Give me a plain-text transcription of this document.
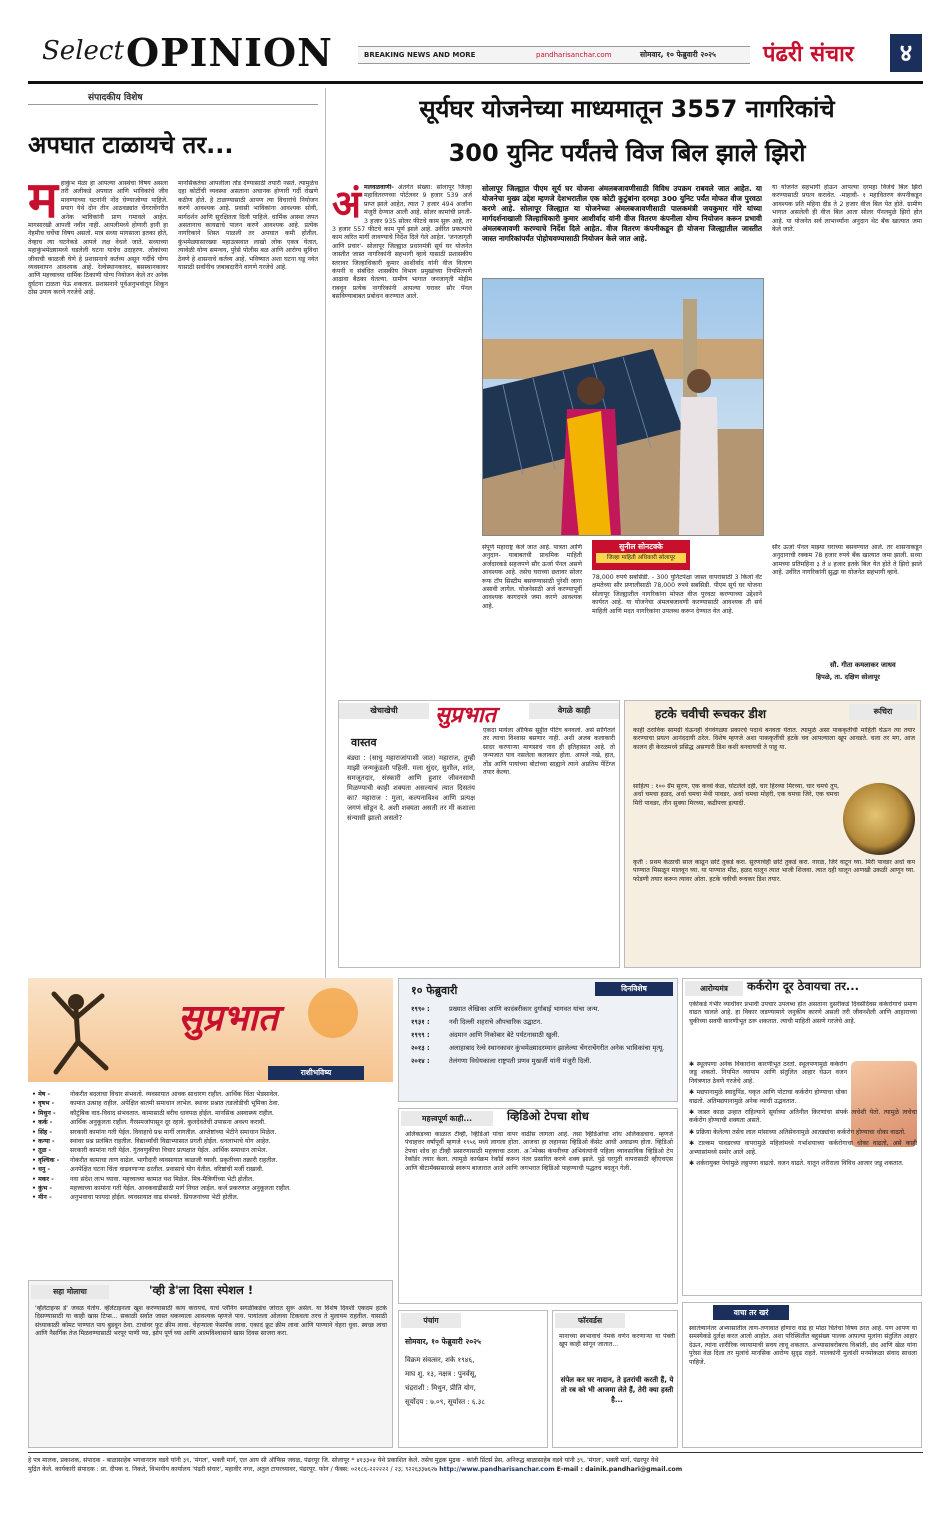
Select OPINION	BREAKING NEWS AND MORE	pandharisanchar.com	सोमवार, १० फेब्रुवारी २०२५ पंढरी संचार	४
संपादकीय विशेष
अपघात टाळायचे तर...
म हाकुंभ मेळा हा आपल्या आस्थेचा विषय असला तरी अलीकडे अपघात आणि भाविकांचे जीव मावण्याच्या घटनांनी नोंद घेण्याजोग्या पाहिजे. प्रयाग येथे दोन तीन आठवड्यांत चेंगराचेंगरीत अनेक भाविकांनी प्राण गमावले आहेत. मागसारखी आपली नवीन नाही. आपलीमध्ये होणारी हानी हा नेहमीच चर्चेचा विषय असतो. मात्र सध्या मागसाला इतका होते, तेव्हाच त्या घटनेकडे आपले लक्ष वेधले जाते. सध्याच्या महाकुंभमेळ्यामध्ये घडलेली घटना याचेच उदाहरण. लोकांच्या जीवाची काळजी घेणे हे प्रशासनाचे कर्तव्य असून गर्दीचे योग्य व्यवस्थापन आवश्यक आहे. रेल्वेस्थानकावर, बसस्थानकावर आणि महत्त्वाच्या धार्मिक ठिकाणी योग्य नियोजन केले तर अनेक दुर्घटना टाळता येऊ शकतात. प्रशासनाने पूर्वअनुभवांतून शिकून ठोस उपाय करणे गरजेचे आहे.
मानसिकतेचा आपलीला तोंड देण्यासाठी तयारी नसते. त्यामुळेच दहा कोटींची व्यवस्था असताना अचानक होणारी गर्दी रोखणे कठीण होते. हे टाळण्यासाठी आपण त्या विचारांचे नियोजन करणे आवश्यक आहे. प्रवासी भाविकांना आवश्यक सोयी, मार्गदर्शन आणि सुरक्षितता दिली पाहिजे. धार्मिक आस्था जपत असतानाच कायद्याचे पालन करणे आवश्यक आहे. प्रत्येक नागरिकाने शिस्त पाळली तर अपघात कमी होतील. कुंभमेळ्यासारख्या महाउत्सवात लाखो लोक एकत्र येतात, त्यावेळी योग्य समन्वय, पुरेसे पोलीस बळ आणि आरोग्य सुविधा ठेवणे हे शासनाचे कर्तव्य आहे. भविष्यात अशा घटना घडू नयेत यासाठी सर्वांनीच जबाबदारीने वागणे गरजेचे आहे.
सूर्यघर योजनेच्या माध्यमातून 3557 नागरिकांचे
300 युनिट पर्यंतचे विज बिल झाले झिरो
अं मलवळवाणी- अंतर्गत संख्या: सोलापूर जिल्हा महावितरणच्या पोर्टलवर 9 हजार 539 अर्ज प्राप्त झाले आहेत, त्यात 7 हजार 494 अर्जांना मंजुरी देण्यात आली आहे. सोलर कामांची प्रगती- 3 हजार 935 सोलर फीटचे काम सुरू आहे, तर 3 हजार 557 फीटचे काम पूर्ण झाले आहे. उर्वरित प्रकल्पांचे काम त्वरित मार्गी लावण्याचे निर्देश दिले गेले आहेत. 'जनजागृती आणि प्रचार'- सोलापूर जिल्ह्यात प्रधानमंत्री सूर्य घर योजनेत जास्तीत जास्त नागरिकांनी सहभागी व्हावे यासाठी प्रशासकीय स्तरावर जिल्हाधिकारी कुमार आशीर्वाद यांनी वीज वितरण कंपनी व संबंधित शासकीय विभाग प्रमुखांच्या नियमितपणे आढावा बैठका घेतल्या. ग्रामीण भागात जनजागृती मोहीम राबवून प्रत्येक नागरिकांनी आपल्या घरावर सौर पॅनल बसविण्याबाबत प्रबोधन करण्यात आले.
सोलापूर जिल्ह्यात पीएम सूर्य घर योजना अंमलबजावणीसाठी विविध उपक्रम राबवले जात आहेत. या योजनेचा मुख्य उद्देश म्हणजे देशभरातील एक कोटी कुटुंबांना दरमहा 300 युनिट पर्यंत मोफत वीज पुरवठा करणे आहे. सोलापूर जिल्ह्यात या योजनेच्या अंमलबजावणीसाठी पालकमंत्री जयकुमार गोरे यांच्या मार्गदर्शनाखाली जिल्हाधिकारी कुमार आशीर्वाद यांनी वीज वितरण कंपनीला योग्य नियोजन करून प्रभावी अंमलबजावणी करण्याचे निर्देश दिले आहेत. वीज वितरण कंपनीकडून ही योजना जिल्ह्यातील जास्तीत जास्त नागरिकांपर्यंत पोहोचवण्यासाठी नियोजन केले जात आहे.
या योजनेत सहभागी होऊन आपल्या दरमहा विजेचे बिल झिरो करण्यासाठी प्रयत्न करावेत. -माहावी- १ महावितरण कंपनीकडून आवश्यक प्रति महिना दीड ते 2 हजार वीज बिल येत होते. ग्रामीण भागात असलेली ही वीज बिल आता सोलर पॅनलमुळे झिरो होत आहे. या योजनेत सर्व लाभार्थ्यांना अनुदान थेट बँक खात्यात जमा केले जाते.
सुनील सोनटक्के
जिल्हा माहिती अधिकारी सोलापूर
संपूर्ण महाराष्ट्र केले जात आहे. पात्रता आणि अनुदान- याबाबतची प्राथमिक माहिती अर्जदारकडे सहजपणे सौर ऊर्जा पॅनल असणे आवश्यक आहे. तसेच घराच्या छतावर सोलर रूफ टॉप सिस्टीम बसवण्यासाठी पुरेशी जागा असावी लागेल. योजनेसाठी अर्ज करण्यापूर्वी आवश्यक कागदपत्रे जमा करणे आवश्यक आहे.
78,000 रुपये सबसिडी. - 300 युनिटपेक्षा जास्त वापरासाठी 3 किलो वॅट क्षमतेच्या सौर प्रणालीसाठी 78,000 रुपये सबसिडी. पीएम सूर्य घर योजना सोलापूर जिल्ह्यातील नागरिकांना मोफत वीज पुरवठा करण्याच्या उद्देशाने कार्यरत आहे. या योजनेचा अंमलबजावणी करण्यासाठी आवश्यक ती सर्व माहिती आणि मदत नागरिकांना उपलब्ध करून देण्यात येत आहे.
सौर ऊर्जा पॅनल माझ्या घराच्या बसवण्यात आले. तर शासनाकडून अनुदानाची रक्कम 78 हजार रुपये बँक खात्यात जमा झाली. सध्या आमच्या प्रतिमहिना ३ ते ४ हजार इतके बिल येत होते ते झिरो झाले आहे. उर्वरित नागरिकांनी सुद्धा या योजनेत सहभागी व्हावे.
सौ. गीता कमलाकर जाधव
हिपळे, ता. दक्षिण सोलापूर
खेचाखेची	सुप्रभात	वेगळे काही
वास्तव
बंड्या : (साधु महाराजांपाशी जात) महाराज, तुम्ही माझी जन्मकुंडली पहिली. मला सुंदर, सुशील, शांत, समजूतदार, संस्कारी आणि हुशार जीवनसाथी मिळण्याची काही शक्यता असल्याचं त्यात दिसतंय का? महाराज : मुला, कल्पनाविश्व आणि प्रत्यक्ष जगणं सोडून दे. अशी शक्यता असती तर मी कशाला संन्यासी झालो असतो?
एकदा मायेला ऑफिस सुट्टीत पेंटिंग बनवलो. असं सांगितलं तर त्याचा विश्वास बसणार नाही. अशी अजब कलाकारी सादर करणाऱ्या माणसाचं नाव ही इतिहासात आहे. तो जन्मजात पाय नसलेला कलाकार होता. आपले नखे, हात, तोंड आणि पायांच्या बोटांच्या साह्याने त्याने अप्रतिम पेंटिंग्ज तयार केल्या.
हटके चवीची रूचकर डीश	रूचिरा
काही ठराविक सामग्री घेऊनही वेगवेगळ्या प्रकारचे पदार्थ बनवता येतात. त्यामुळे असा पाककृतींची माहिती घेऊन त्या तयार करण्याचा प्रयत्न आनंददायी ठरेल. विशेष म्हणजे अशा पाककृतींची हटके चव आपल्याला खूप आवडते. चला तर मग, आज कालन ही केरळमध्ये प्रसिद्ध असणारी डिश कशी बनवायची ते पाहू या.
साहित्य : १०० ग्रॅम सुरण, एक कच्चं केळ, घोटलेले दही, चार हिरव्या मिरच्या, चार चमचे तूप, अर्धा चमचा हळद, अर्धा चमचा मेथी पावडर, अर्धा चमचा मोहरी, एक चमचा जिरे, एक चमचा मिरी पावडर, तीन सुक्या मिरच्या, कढीपत्ता इत्यादी.
कृती : प्रथम केळाची साल काढून छोटे तुकडे करा. सुरणाचेही छोटे तुकडे करा. नारळ, जिरे वाटून घ्या. मिरी पावडर अर्धा कप पाण्यात मिसळून मालवून घ्या. या पाण्यात मीठ, हळद घालून त्यात भाजी शिजवा. त्यात दही घालून आणखी उकळी आणून घ्या. फोडणी तयार करून त्यावर ओता. हटके चवीची रूचकर डिश तयार.
सुप्रभात
राशीभविष्य
• मेष -	नोकरीत बदलाचा विचार संभवतो. व्यवसायात आवक साधारण राहील. आर्थिक चिंता भेडसावेल.
• वृषभ -	कामात उत्साह राहील. अपेक्षित बातमी समाधान लाभेल. स्थावर प्रश्नात तडजोडीची भूमिका ठेवा.
• मिथुन -	कौटुंबिक वाद-विवाद संभवतात. कामासाठी बरीच धावपळ होईल. मानसिक अस्वास्थ्य राहील.
• कर्क -	आर्थिक अनुकूलता राहील. गैरसमजांपासून दूर रहावे. कुलदेवतेची उपासना अवश्य करावी.
• सिंह -	सरकारी कामांना गती येईल. विवाहाचे प्रश्न मार्गी लागतील. आप्तेष्टांच्या भेटीने समाधान मिळेल.
• कन्या -	स्थावर प्रश्न प्रलंबित राहतील. विद्यार्थ्यांची विद्याभ्यासात प्रगती होईल. धनलाभाचे योग आहेत.
• तूळ -	सरकारी कामांना गती येईल. गुंतवणुकीचा विचार प्रत्यक्षात येईल. आर्थिक समाधान लाभेल.
• वृश्चिक -	नोकरीत कामाचा ताण वाढेल. भागीदारी व्यवसायात काळजी घ्यावी. प्रकृतीच्या तक्रारी राहतील.
• धनु -	अनपेक्षित घटना चिंता वाढवणाऱ्या ठरतील. प्रवासाचे योग येतील. वरिष्ठांची मर्जी राखावी.
• मकर -	नवा संदेश लाभ घ्यावा. महत्त्वाच्या कामात यश मिळेल. मित्र-मैत्रिणींच्या भेटी होतील.
• कुंभ -	महत्त्वाच्या कामांना गती येईल. आवकवाढीसाठी मार्ग निघत जाईल. कर्ज प्रकरणात अनुकूलता राहील.
• मीन -	अनुभवाचा फायदा होईल. व्यवसायात वाढ संभवते. प्रियजनांच्या भेटी होतील.
१० फेब्रुवारी	दिनविशेष
१९९० :	प्रख्यात लेखिका आणि कादंबरीकार दुर्गाबाई भागवत यांचा जन्म.
१९३१ :	नवी दिल्ली शहराचे औपचारिक उद्घाटन.
१९९९ :	अंदमान आणि निकोबार बेटे पर्यटनासाठी खुली.
२०१३ :	अलाहाबाद रेल्वे स्थानकावर कुंभमेळ्यादरम्यान झालेल्या चेंगराचेंगरीत अनेक भाविकांचा मृत्यू.
२०१४ :	तेलंगणा विधेयकाला राष्ट्रपती प्रणव मुखर्जी यांनी मंजुरी दिली.
आरोग्यमंत्र	कर्करोग दूर ठेवायचा तर...
एकीकडे गंभीर व्याधींवर प्रभावी उपचार उपलब्ध होत असताना दुसरीकडे दिवसेंदिवस कर्करोगाचं प्रमाण वाढत चालले आहे. हा विकार जडण्यामागे जनुकीय कारणे असली तरी जीवनशैली आणि आहाराच्या चुकीच्या सवयी कारणीभूत ठरू शकतात. त्याची माहिती असणे गरजेचे आहे.

✱ स्थूलपणा अनेक विकारांना कारणीभूत ठरतो. स्थूलपणामुळे कर्करोग जडू शकतो. नियमित व्यायाम आणि संतुलित आहार घेऊन वजन नियंत्रणात ठेवणे गरजेचे आहे.

✱ मद्यपानामुळे स्वादुपिंड, यकृत आणि पोटाचा कर्करोग होण्याचा धोका वाढतो. अतिमद्यपानामुळे अनेक व्याधी उद्भवतात.

✱ जास्त काळ उन्हात राहिल्याने सूर्याच्या अतिनील किरणांचा संपर्क त्वचेशी येतो. त्यामुळे त्वचेचा कर्करोग होण्याची शक्यता असते.

✱ प्रक्रिया केलेल्या तसेच लाल मांसाच्या अतिसेवनामुळे आतड्यांचा कर्करोग होण्याचा धोका वाढतो.

✱ टाल्कम पावडरच्या वापरामुळे महिलांमध्ये गर्भाशयाच्या कर्करोगाचा धोका वाढतो, असे काही अभ्यासांमध्ये समोर आले आहे.

✱ शर्करायुक्त पेयांमुळे लठ्ठपणा वाढतो. वजन वाढते. यातून शरीराला विविध आजार जडू शकतात.

महत्त्वपूर्ण काही...	व्हिडिओ टेपचा शोध
अलिकडच्या काळात टीव्ही, व्हिडिओ यांचा वापर वाढीस लागला आहे. तसा व्हिडिओचा शोध अलिकडचाच. म्हणजे पंचाहत्तर वर्षांपूर्वी म्हणजे १९५६ मध्ये लागला होता. आजचा हा लहानसा व्हिडिओ कॅसेट आधी अवाढव्य होता. व्हिडिओ टेपचा शोध हा टीव्ही प्रसारणासाठी महत्त्वाचा ठरला. अॅम्पेक्स कंपनीच्या अभियंत्यांनी पहिला व्यावसायिक व्हिडिओ टेप रेकॉर्डर तयार केला. त्यामुळे कार्यक्रम रेकॉर्ड करून नंतर प्रसारित करणे शक्य झाले. पुढे घरगुती वापरासाठी व्हीएचएस आणि बीटामॅक्ससारखे स्वरूप बाजारात आले आणि जगभरात व्हिडिओ पाहण्याची पद्धतच बदलून गेली.
सहा मोलाचा	'व्ही डे'ला दिसा स्पेशल !
'व्हॅलेंटाइन्स डे' जवळ येतोय. व्हॅलेंटाइनला खूश करण्यासाठी काय करायचं, याचं प्लॅनिंग सगळीकडेच जोरात सुरू असेल. या विशेष दिवशी एकदम हटके दिसण्यासाठी या काही खास टिप्स... सकाळी सर्वात जास्त थकव्याला आवश्यक म्हणजे पाय. पायांतला ओलावा टिकवला तरच ते मुलायम राहतील. यासाठी संध्याकाळी कोमट पाण्यात पाय बुडवून ठेवा. टाचांवर फूट क्रीम लावा. चेहऱ्याला फेसपॅक लावा. एकादं फ्रूट क्रीम लावा आणि पाण्याने चेहरा धुवा. स्वच्छ त्वचा आणि नैसर्गिक तेज मिळवण्यासाठी भरपूर पाणी प्या, झोप पूर्ण घ्या आणि आत्मविश्वासाने खास दिवस साजरा करा.
पंचांग
सोमवार, १० फेब्रुवारी २०२५
विक्रम संवत्सर, शके १९४६,
माघ शु. १३, नक्षत्र : पुनर्वसू,
चंद्रराशी : मिथुन, प्रीति योग,
सूर्योदय : ७.०९, सूर्यास्त : ६.३८
फॉरवर्डस
मानाच्या स्वभावाचं नेमकं वर्णन करणाऱ्या या पंक्ती खूप काही सांगून जातात...
संपेल कर घर नादान, ते इतरांची करती हैं, ये तो रब को भी आजमा लेते हैं, तेरी क्या हस्ती है...
वाचा तर खरं
स्वातंत्र्यानंतर अभ्यासातील ताण-तणावात होणारा वाढ हा मोठा चिंतेचा विषय ठरत आहे. पण आपण या समस्येकडे दुर्लक्ष करत आलो आहोत. अशा परिस्थितीत बहुसंख्य पालक आपल्या मुलांना संतुलित आहार देऊन, त्यांना शारीरिक व्यायामाची सवय लावू शकतात. अभ्यासाबरोबरच विश्रांती, छंद आणि खेळ यांना पुरेसा वेळ दिला तर मुलांचे मानसिक आरोग्य सुदृढ राहते. पालकांनी मुलांशी मनमोकळा संवाद साधला पाहिजे.
हे पत्र मालक, प्रकाशक, संपादक - बाळासाहेब भगवानराव वडवे यांनी ३९, 'मंगल', भक्ती मार्ग, एल आय सी ऑफिस जवळ, पंढरपूर जि. सोलापूर * ४१३३०४ येथे प्रकाशित केले. तसेच मुद्रक मुद्रक - कांती प्रिंटर्स प्रेस, अनिरुद्ध बाळासाहेब वडवे यांनी ३९, 'मंगल', भक्ती मार्ग, पंढरपूर येथे
मुद्रित केले. कार्यकारी संपादक : प्रा. दीपक द. निकते, विभागीय कार्यालय 'पंढरी संचार', महावीर नगर, अतुल टायरच्यावर, पंढरपूर. फोन / फॅक्स: ०२१८६-२२२२२२ / २३; ९२२६३३७६२७ http://www.pandharisanchar.com E-mail : dainik.pandhari@gmail.com
